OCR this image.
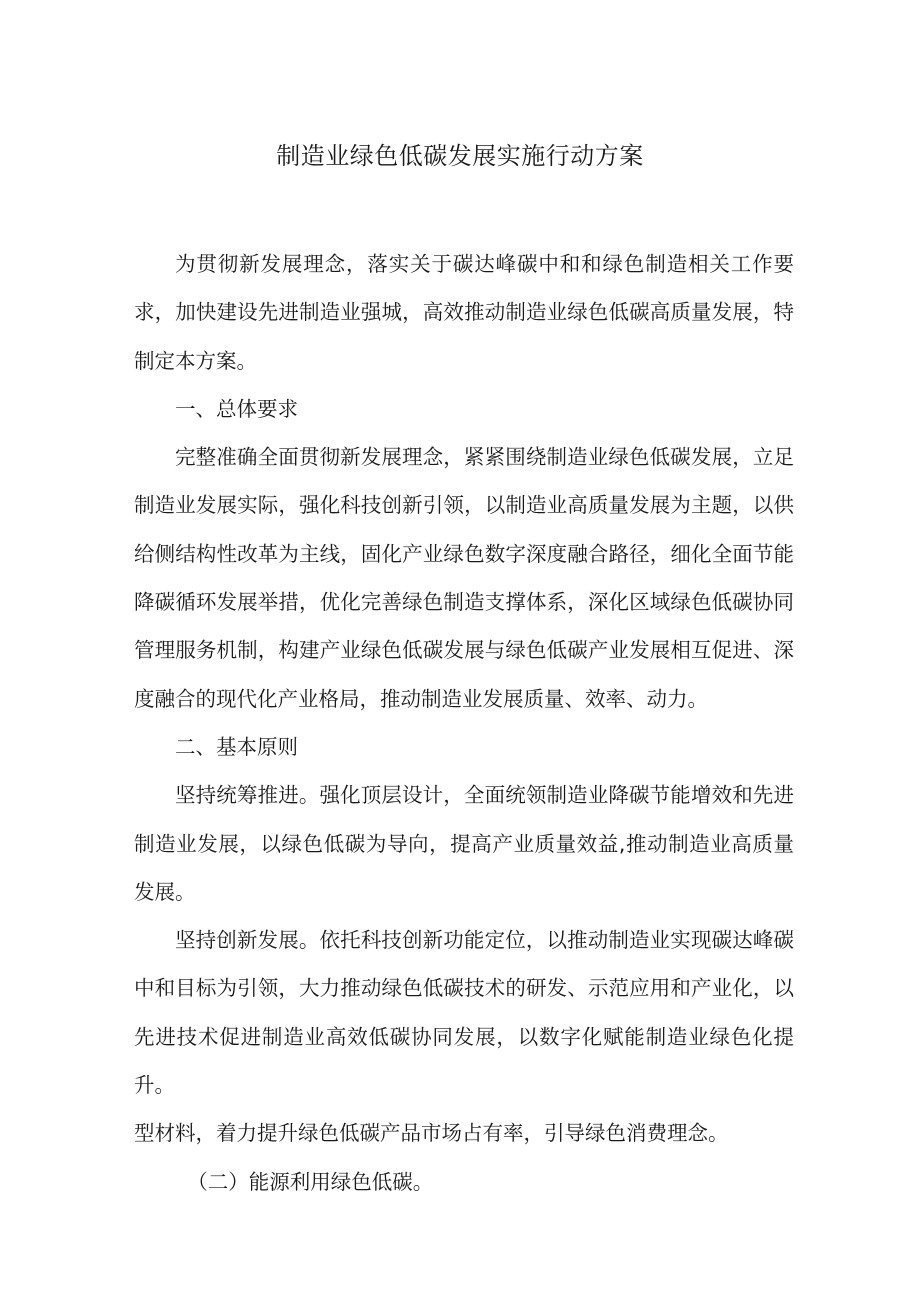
制造业绿色低碳发展实施行动方案

为贯彻新发展理念，落实关于碳达峰碳中和和绿色制造相关工作要求，加快建设先进制造业强城，高效推动制造业绿色低碳高质量发展，特制定本方案。

一、总体要求

完整准确全面贯彻新发展理念，紧紧围绕制造业绿色低碳发展，立足制造业发展实际，强化科技创新引领，以制造业高质量发展为主题，以供给侧结构性改革为主线，固化产业绿色数字深度融合路径，细化全面节能降碳循环发展举措，优化完善绿色制造支撑体系，深化区域绿色低碳协同管理服务机制，构建产业绿色低碳发展与绿色低碳产业发展相互促进、深度融合的现代化产业格局，推动制造业发展质量、效率、动力。

二、基本原则

坚持统筹推进。强化顶层设计，全面统领制造业降碳节能增效和先进制造业发展，以绿色低碳为导向，提高产业质量效益,推动制造业高质量发展。

坚持创新发展。依托科技创新功能定位，以推动制造业实现碳达峰碳中和目标为引领，大力推动绿色低碳技术的研发、示范应用和产业化，以先进技术促进制造业高效低碳协同发展，以数字化赋能制造业绿色化提升。

型材料，着力提升绿色低碳产品市场占有率，引导绿色消费理念。

（二）能源利用绿色低碳。
